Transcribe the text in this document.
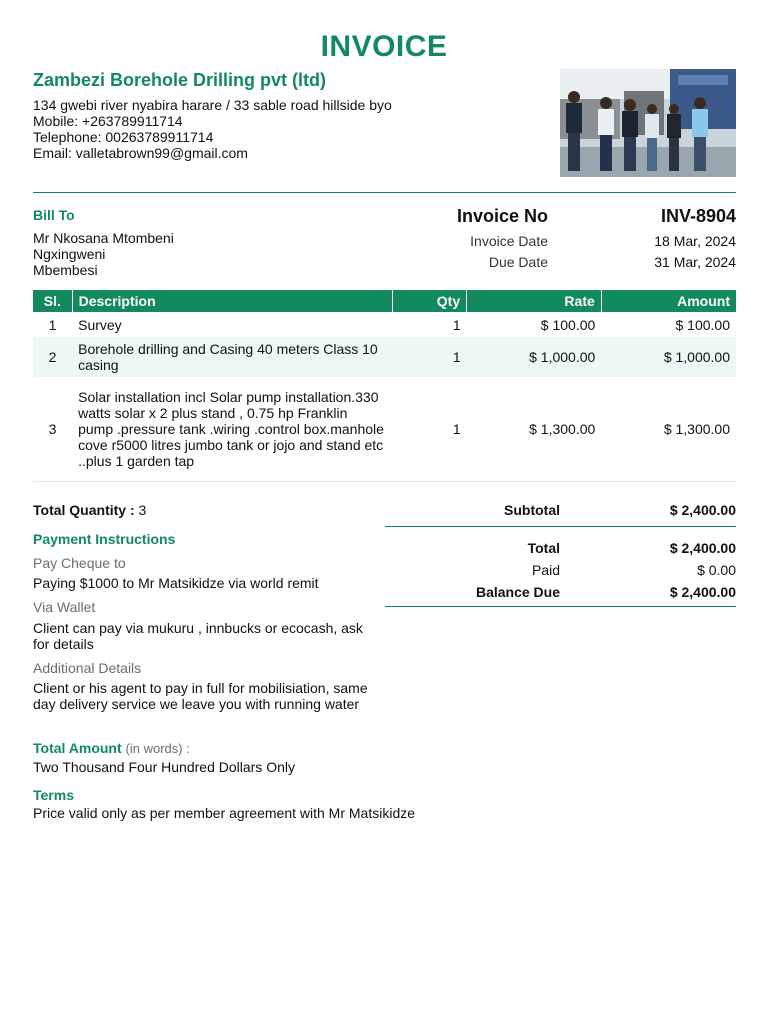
INVOICE
Zambezi Borehole Drilling pvt (ltd)
134 gwebi river nyabira harare / 33 sable road hillside byo
Mobile: +263789911714
Telephone: 00263789911714
Email: valletabrown99@gmail.com
Bill To
Mr Nkosana Mtombeni
Ngxingweni
Mbembesi
Invoice No	INV-8904
Invoice Date	18 Mar, 2024
Due Date	31 Mar, 2024
Sl.	Description	Qty	Rate	Amount
1	Survey	1	$ 100.00	$ 100.00
2	Borehole drilling and Casing 40 meters Class 10 casing	1	$ 1,000.00	$ 1,000.00
3	Solar installation incl Solar pump installation.330 watts solar x 2 plus stand , 0.75 hp Franklin pump .pressure tank .wiring .control box.manhole cove r5000 litres jumbo tank or jojo and stand etc ..plus 1 garden tap	1	$ 1,300.00	$ 1,300.00
Total Quantity : 3	Subtotal	$ 2,400.00
Total	$ 2,400.00
Paid	$ 0.00
Balance Due	$ 2,400.00
Payment Instructions
Pay Cheque to
Paying $1000 to Mr Matsikidze via world remit
Via Wallet
Client can pay via mukuru , innbucks or ecocash, ask for details
Additional Details
Client or his agent to pay in full for mobilisiation, same day delivery service we leave you with running water
Total Amount (in words) :
Two Thousand Four Hundred Dollars Only
Terms
Price valid only as per member agreement with Mr Matsikidze
